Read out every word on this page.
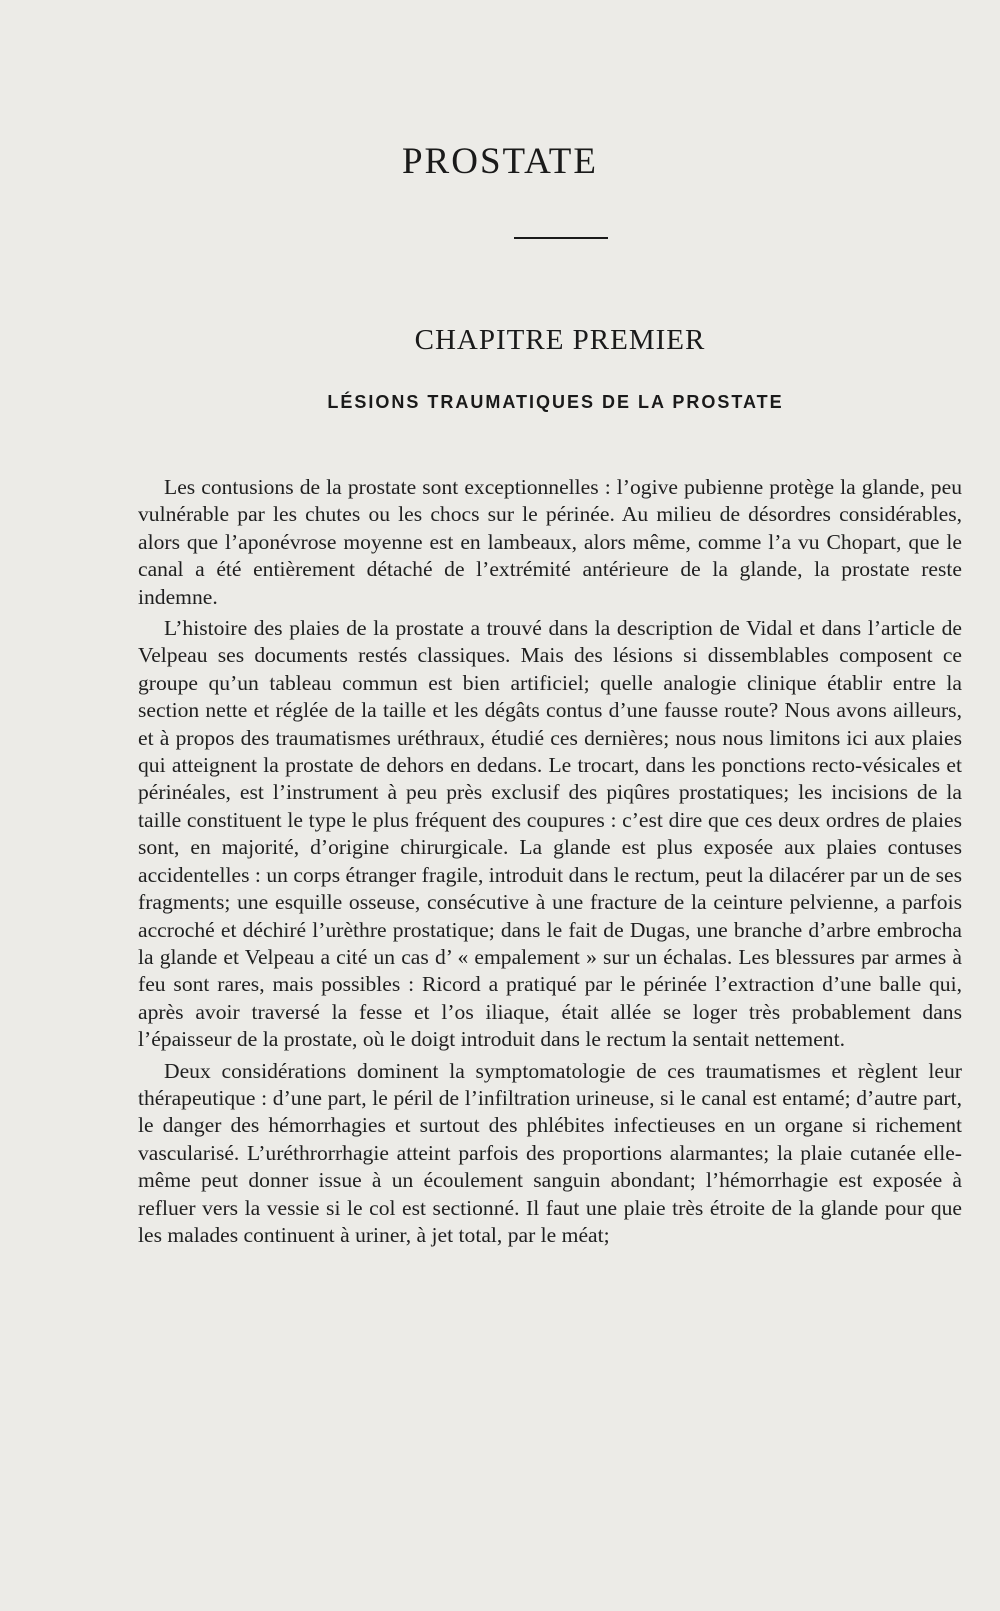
PROSTATE
CHAPITRE PREMIER
LÉSIONS TRAUMATIQUES DE LA PROSTATE

Les contusions de la prostate sont exceptionnelles : l’ogive pubienne protège la glande, peu vulnérable par les chutes ou les chocs sur le périnée. Au milieu de désordres considérables, alors que l’aponévrose moyenne est en lambeaux, alors même, comme l’a vu Chopart, que le canal a été entièrement détaché de l’extrémité antérieure de la glande, la prostate reste indemne.

L’histoire des plaies de la prostate a trouvé dans la description de Vidal et dans l’article de Velpeau ses documents restés classiques. Mais des lésions si dissemblables composent ce groupe qu’un tableau commun est bien artificiel; quelle analogie clinique établir entre la section nette et réglée de la taille et les dégâts contus d’une fausse route? Nous avons ailleurs, et à propos des traumatismes uréthraux, étudié ces dernières; nous nous limitons ici aux plaies qui atteignent la prostate de dehors en dedans. Le trocart, dans les ponctions recto-vésicales et périnéales, est l’instrument à peu près exclusif des piqûres prostatiques; les incisions de la taille constituent le type le plus fréquent des coupures : c’est dire que ces deux ordres de plaies sont, en majorité, d’origine chirurgicale. La glande est plus exposée aux plaies contuses accidentelles : un corps étranger fragile, introduit dans le rectum, peut la dilacérer par un de ses fragments; une esquille osseuse, consécutive à une fracture de la ceinture pelvienne, a parfois accroché et déchiré l’urèthre prostatique; dans le fait de Dugas, une branche d’arbre embrocha la glande et Velpeau a cité un cas d’ « empalement » sur un échalas. Les blessures par armes à feu sont rares, mais possibles : Ricord a pratiqué par le périnée l’extraction d’une balle qui, après avoir traversé la fesse et l’os iliaque, était allée se loger très probablement dans l’épaisseur de la prostate, où le doigt introduit dans le rectum la sentait nettement.

Deux considérations dominent la symptomatologie de ces traumatismes et règlent leur thérapeutique : d’une part, le péril de l’infiltration urineuse, si le canal est entamé; d’autre part, le danger des hémorrhagies et surtout des phlébites infectieuses en un organe si richement vascularisé. L’uréthrorrhagie atteint parfois des proportions alarmantes; la plaie cutanée elle-même peut donner issue à un écoulement sanguin abondant; l’hémorrhagie est exposée à refluer vers la vessie si le col est sectionné. Il faut une plaie très étroite de la glande pour que les malades continuent à uriner, à jet total, par le méat;
